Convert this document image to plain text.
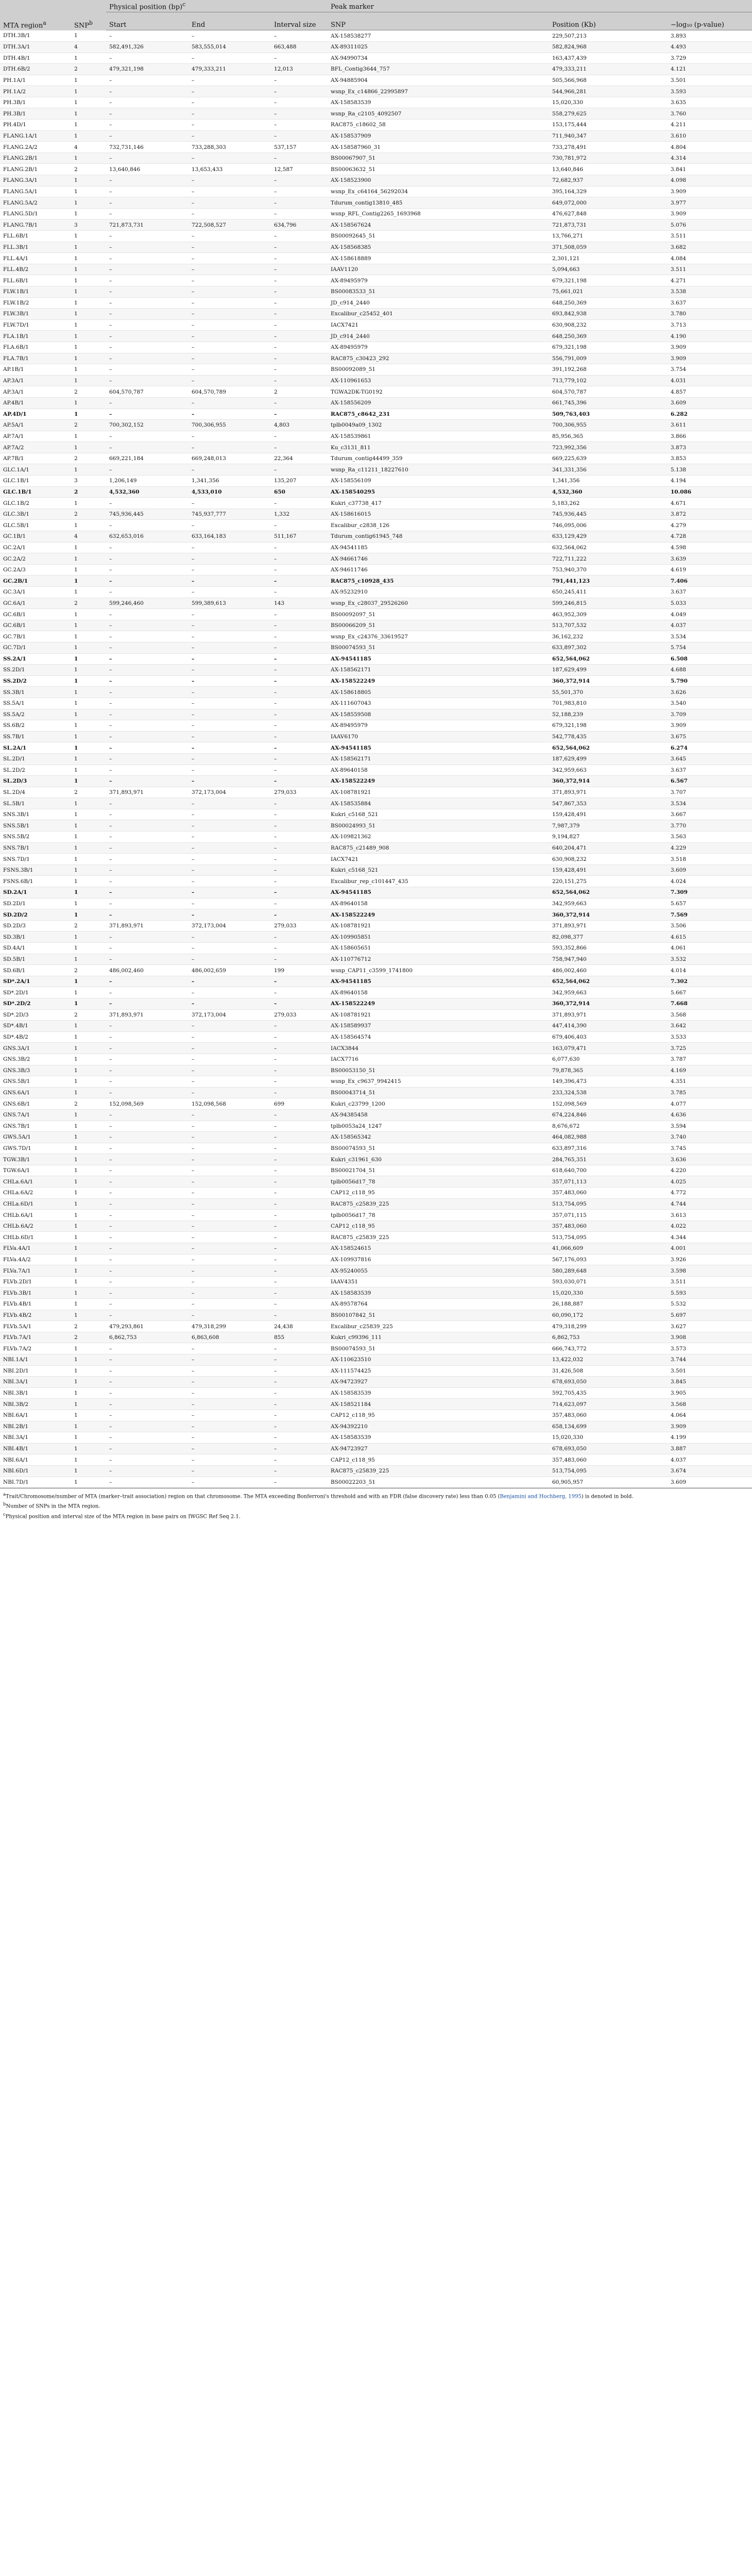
MTA region$^a$	SNP$^b$	Physical position (bp)$^c$			Peak marker		
		Start	End	Interval size	SNP	Position (Kb)	−log₁₀ (p-value)
DTH.3B/1	1	–	–	–	AX-158538277	229,507,213	3.893
DTH.3A/1	4	582,491,326	583,555,014	663,488	AX-89311025	582,824,968	4.493
DTH.4B/1	1	–	–	–	AX-94990734	163,437,439	3.729
DTH.6B/2	2	479,321,198	479,333,211	12,013	BFL_Contig3644_757	479,333,211	4.121
PH.1A/1	1	–	–	–	AX-94885904	505,566,968	3.501
PH.1A/2	1	–	–	–	wsnp_Ex_c14866_22995897	544,966,281	3.593
PH.3B/1	1	–	–	–	AX-158583539	15,020,330	3.635
PH.3B/1	1	–	–	–	wsnp_Ra_c2105_4092507	558,279,625	3.760
PH.4D/1	1	–	–	–	RAC875_c18602_58	153,175,444	4.211
FLANG.1A/1	1	–	–	–	AX-158537909	711,940,347	3.610
FLANG.2A/2	4	732,731,146	733,288,303	537,157	AX-158587960_31	733,278,491	4.804
FLANG.2B/1	1	–	–	–	BS00067907_51	730,781,972	4.314
FLANG.2B/1	2	13,640,846	13,653,433	12,587	BS00063632_51	13,640,846	3.841
FLANG.3A/1	1	–	–	–	AX-158523900	72,682,937	4.098
FLANG.5A/1	1	–	–	–	wsnp_Ex_c64164_56292034	395,164,329	3.909
FLANG.5A/2	1	–	–	–	Tdurum_contig13810_485	649,072,000	3.977
FLANG.5D/1	1	–	–	–	wsnp_RFL_Contig2265_1693968	476,627,848	3.909
FLANG.7B/1	3	721,873,731	722,508,527	634,796	AX-158567624	721,873,731	5.076
FLL.6B/1	1	–	–	–	BS00092645_51	13,766,271	3.511
FLL.3B/1	1	–	–	–	AX-158568385	371,508,059	3.682
FLL.4A/1	1	–	–	–	AX-158618889	2,301,121	4.084
FLL.4B/2	1	–	–	–	IAAV1120	5,094,663	3.511
FLL.6B/1	1	–	–	–	AX-89495979	679,321,198	4.271
FLW.1B/1	1	–	–	–	BS00083533_51	75,661,021	3.538
FLW.1B/2	1	–	–	–	JD_c914_2440	648,250,369	3.637
FLW.3B/1	1	–	–	–	Excalibur_c25452_401	693,842,938	3.780
FLW.7D/1	1	–	–	–	IACX7421	630,908,232	3.713
FLA.1B/1	1	–	–	–	JD_c914_2440	648,250,369	4.190
FLA.6B/1	1	–	–	–	AX-89495979	679,321,198	3.909
FLA.7B/1	1	–	–	–	RAC875_c30423_292	556,791,009	3.909
AP.1B/1	1	–	–	–	BS00092089_51	391,192,268	3.754
AP.3A/1	1	–	–	–	AX-110961653	713,779,102	4.031
AP.3A/1	2	604,570,787	604,570,789	2	TGWA2DK-TG0192	604,570,787	4.857
AP.4B/1	1	–	–	–	AX-158556209	661,745,396	3.609
AP.4D/1	1	–	–	–	RAC875_c8642_231	509,763,403	6.282
AP.5A/1	2	700,302,152	700,306,955	4,803	tplb0049a09_1302	700,306,955	3.611
AP.7A/1	1	–	–	–	AX-158539861	85,956,365	3.866
AP.7A/2	1	–	–	–	Ku_c3131_811	723,992,356	3.873
AP.7B/1	2	669,221,184	669,248,013	22,364	Tdurum_contig44499_359	669,225,639	3.853
GLC.1A/1	1	–	–	–	wsnp_Ra_c11211_18227610	341,331,356	5.138
GLC.1B/1	3	1,206,149	1,341,356	135,207	AX-158556109	1,341,356	4.194
GLC.1B/1	2	4,532,360	4,533,010	650	AX-158540295	4,532,360	10.086
GLC.1B/2	1	–	–	–	Kukri_c37738_417	5,183,262	4.671
GLC.3B/1	2	745,936,445	745,937,777	1,332	AX-158616015	745,936,445	3.872
GLC.5B/1	1	–	–	–	Excalibur_c2838_126	746,095,006	4.279
GC.1B/1	4	632,653,016	633,164,183	511,167	Tdurum_contig61945_748	633,129,429	4.728
GC.2A/1	1	–	–	–	AX-94541185	632,564,062	4.598
GC.2A/2	1	–	–	–	AX-94661746	722,711,222	3.639
GC.2A/3	1	–	–	–	AX-94611746	753,940,370	4.619
GC.2B/1	1	–	–	–	RAC875_c10928_435	791,441,123	7.406
GC.3A/1	1	–	–	–	AX-95232910	650,245,411	3.637
GC.6A/1	2	599,246,460	599,389,613	143	wsnp_Ex_c28037_29526260	599,246,815	5.033
GC.6B/1	1	–	–	–	BS00092097_51	463,952,309	4.049
GC.6B/1	1	–	–	–	BS00066209_51	513,707,532	4.037
GC.7B/1	1	–	–	–	wsnp_Ex_c24376_33619527	36,162,232	3.534
GC.7D/1	1	–	–	–	BS00074593_51	633,897,302	5.754
SS.2A/1	1	–	–	–	AX-94541185	652,564,062	6.508
SS.2D/1	1	–	–	–	AX-158562171	187,629,499	4.688
SS.2D/2	1	–	–	–	AX-158522249	360,372,914	5.790
SS.3B/1	1	–	–	–	AX-158618805	55,501,370	3.626
SS.5A/1	1	–	–	–	AX-111607043	701,983,810	3.540
SS.5A/2	1	–	–	–	AX-158559508	52,188,239	3.709
SS.6B/2	1	–	–	–	AX-89495979	679,321,198	3.909
SS.7B/1	1	–	–	–	IAAV6170	542,778,435	3.675
SL.2A/1	1	–	–	–	AX-94541185	652,564,062	6.274
SL.2D/1	1	–	–	–	AX-158562171	187,629,499	3.645
SL.2D/2	1	–	–	–	AX-89640158	342,959,663	3.637
SL.2D/3	1	–	–	–	AX-158522249	360,372,914	6.567
SL.2D/4	2	371,893,971	372,173,004	279,033	AX-108781921	371,893,971	3.707
SL.5B/1	1	–	–	–	AX-158535884	547,867,353	3.534
SNS.3B/1	1	–	–	–	Kukri_c5168_521	159,428,491	3.667
SNS.5B/1	1	–	–	–	BS00024993_51	7,987,379	3.770
SNS.5B/2	1	–	–	–	AX-109821362	9,194,827	3.563
SNS.7B/1	1	–	–	–	RAC875_c21489_908	640,204,471	4.229
SNS.7D/1	1	–	–	–	IACX7421	630,908,232	3.518
FSNS.3B/1	1	–	–	–	Kukri_c5168_521	159,428,491	3.609
FSNS.6B/1	1	–	–	–	Excalibur_rep_c101447_435	220,151,275	4.024
SD.2A/1	1	–	–	–	AX-94541185	652,564,062	7.309
SD.2D/1	1	–	–	–	AX-89640158	342,959,663	5.657
SD.2D/2	1	–	–	–	AX-158522249	360,372,914	7.569
SD.2D/3	2	371,893,971	372,173,004	279,033	AX-108781921	371,893,971	3.506
SD.3B/1	1	–	–	–	AX-109905851	82,098,377	4.615
SD.4A/1	1	–	–	–	AX-158605651	593,352,866	4.061
SD.5B/1	1	–	–	–	AX-110776712	758,947,940	3.532
SD.6B/1	2	486,002,460	486,002,659	199	wsnp_CAP11_c3599_1741800	486,002,460	4.014
SD*.2A/1	1	–	–	–	AX-94541185	652,564,062	7.302
SD*.2D/1	1	–	–	–	AX-89640158	342,959,663	5.667
SD*.2D/2	1	–	–	–	AX-158522249	360,372,914	7.668
SD*.2D/3	2	371,893,971	372,173,004	279,033	AX-108781921	371,893,971	3.568
SD*.4B/1	1	–	–	–	AX-158589937	447,414,390	3.642
SD*.4B/2	1	–	–	–	AX-158564574	679,406,403	3.533
GNS.3A/1	1	–	–	–	IACX3844	163,079,471	3.725
GNS.3B/2	1	–	–	–	IACX7716	6,077,630	3.787
GNS.3B/3	1	–	–	–	BS00053150_51	79,878,365	4.169
GNS.5B/1	1	–	–	–	wsnp_Ex_c9637_9942415	149,396,473	4.351
GNS.6A/1	1	–	–	–	BS00043714_51	233,324,538	3.785
GNS.6B/1	2	152,098,569	152,098,568	699	Kukri_c23799_1200	152,098,569	4.077
GNS.7A/1	1	–	–	–	AX-94385458	674,224,846	4.636
GNS.7B/1	1	–	–	–	tplb0053a24_1247	8,676,672	3.594
GWS.5A/1	1	–	–	–	AX-158565342	464,082,988	3.740
GWS.7D/1	1	–	–	–	BS00074593_51	633,897,316	3.745
TGW.3B/1	1	–	–	–	Kukri_c31961_630	284,765,351	3.636
TGW.6A/1	1	–	–	–	BS00021704_51	618,640,700	4.220
CHLa.6A/1	1	–	–	–	tplb0056d17_78	357,071,113	4.025
CHLa.6A/2	1	–	–	–	CAP12_c118_95	357,483,060	4.772
CHLa.6D/1	1	–	–	–	RAC875_c25839_225	513,754,095	4.744
CHLb.6A/1	1	–	–	–	tplb0056d17_78	357,071,115	3.613
CHLb.6A/2	1	–	–	–	CAP12_c118_95	357,483,060	4.022
CHLb.6D/1	1	–	–	–	RAC875_c25839_225	513,754,095	4.344
FLVa.4A/1	1	–	–	–	AX-158524615	41,066,609	4.001
FLVa.4A/2	1	–	–	–	AX-109937816	567,176,093	3.926
FLVa.7A/1	1	–	–	–	AX-95240055	580,289,648	3.598
FLVb.2D/1	1	–	–	–	IAAV4351	593,030,071	3.511
FLVb.3B/1	1	–	–	–	AX-158583539	15,020,330	5.593
FLVb.4B/1	1	–	–	–	AX-89578764	26,188,887	5.532
FLVb.4B/2	1	–	–	–	BS00107842_51	60,090,172	5.697
FLVb.5A/1	2	479,293,861	479,318,299	24,438	Excalibur_c25839_225	479,318,299	3.627
FLVb.7A/1	2	6,862,753	6,863,608	855	Kukri_c99396_111	6,862,753	3.908
FLVb.7A/2	1	–	–	–	BS00074593_51	666,743,772	3.573
NBI.1A/1	1	–	–	–	AX-110623510	13,422,032	3.744
NBI.2D/1	1	–	–	–	AX-111574425	31,426,508	3.501
NBI.3A/1	1	–	–	–	AX-94723927	678,693,050	3.845
NBI.3B/1	1	–	–	–	AX-158583539	592,705,435	3.905
NBI.3B/2	1	–	–	–	AX-158521184	714,623,097	3.568
NBI.6A/1	1	–	–	–	CAP12_c118_95	357,483,060	4.064
NBI.2B/1	1	–	–	–	AX-94392210	658,134,699	3.909
NBI.3A/1	1	–	–	–	AX-158583539	15,020,330	4.199
NBI.4B/1	1	–	–	–	AX-94723927	678,693,050	3.887
NBI.6A/1	1	–	–	–	CAP12_c118_95	357,483,060	4.037
NBI.6D/1	1	–	–	–	RAC875_c25839_225	513,754,095	3.674
NBI.7D/1	1	–	–	–	BS00022203_51	60,905,957	3.609
$^a$Trait/Chromosome/number of MTA (marker–trait association) region on that chromosome. The MTA exceeding Bonferroni's threshold and with an FDR (false discovery rate) less than 0.05 (Benjamini and Hochberg, 1995) is denoted in bold.
$^b$Number of SNPs in the MTA region.
$^c$Physical position and interval size of the MTA region in base pairs on IWGSC Ref Seq 2.1.
